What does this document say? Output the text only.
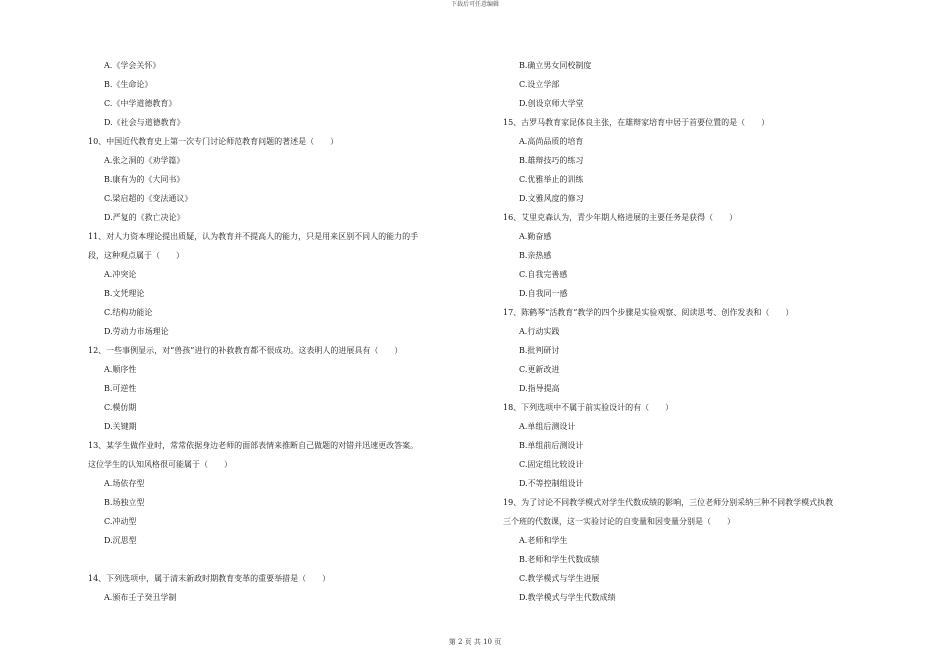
下载后可任意编辑
A.《学会关怀》
B.《生命论》
C.《中学道德教育》
D.《社会与道德教育》
10、中国近代教育史上第一次专门讨论师范教育问题的著述是（　　）
A.张之洞的《劝学篇》
B.康有为的《大同书》
C.梁启超的《变法通议》
D.严复的《救亡决论》
11、对人力资本理论提出质疑，认为教育并不提高人的能力，只是用来区别不同人的能力的手
段，这种观点属于（　　）
A.冲突论
B.文凭理论
C.结构功能论
D.劳动力市场理论
12、一些事例显示，对“兽孩”进行的补救教育都不很成功。这表明人的进展具有（　　）
A.顺序性
B.可逆性
C.模仿期
D.关键期
13、某学生做作业时，常常依据身边老师的面部表情来推断自己做题的对错并迅速更改答案。
这位学生的认知风格很可能属于（　　）
A.场依存型
B.场独立型
C.冲动型
D.沉思型
14、下列选项中，属于清末新政时期教育变革的重要举措是（　　）
A.颁布壬子癸丑学制
B.确立男女同校制度
C.设立学部
D.创设京师大学堂
15、古罗马教育家昆体良主张，在雄辩家培育中居于首要位置的是（　　）
A.高尚品质的培育
B.雄辩技巧的练习
C.优雅举止的训练
D.文雅风度的修习
16、艾里克森认为，青少年期人格进展的主要任务是获得（　　）
A.勤奋感
B.亲热感
C.自我完善感
D.自我同一感
17、陈鹤琴“活教育”教学的四个步骤是实验观察、阅读思考、创作发表和（　　）
A.行动实践
B.批判研讨
C.更新改进
D.指导提高
18、下列选项中不属于前实验设计的有（　　）
A.单组后测设计
B.单组前后测设计
C.固定组比较设计
D.不等控制组设计
19、为了讨论不同教学模式对学生代数成绩的影响，三位老师分别采纳三种不同教学模式执教
三个班的代数课，这一实验讨论的自变量和因变量分别是（　　）
A.老师和学生
B.老师和学生代数成绩
C.教学模式与学生进展
D.教学模式与学生代数成绩
第 2 页 共 10 页
